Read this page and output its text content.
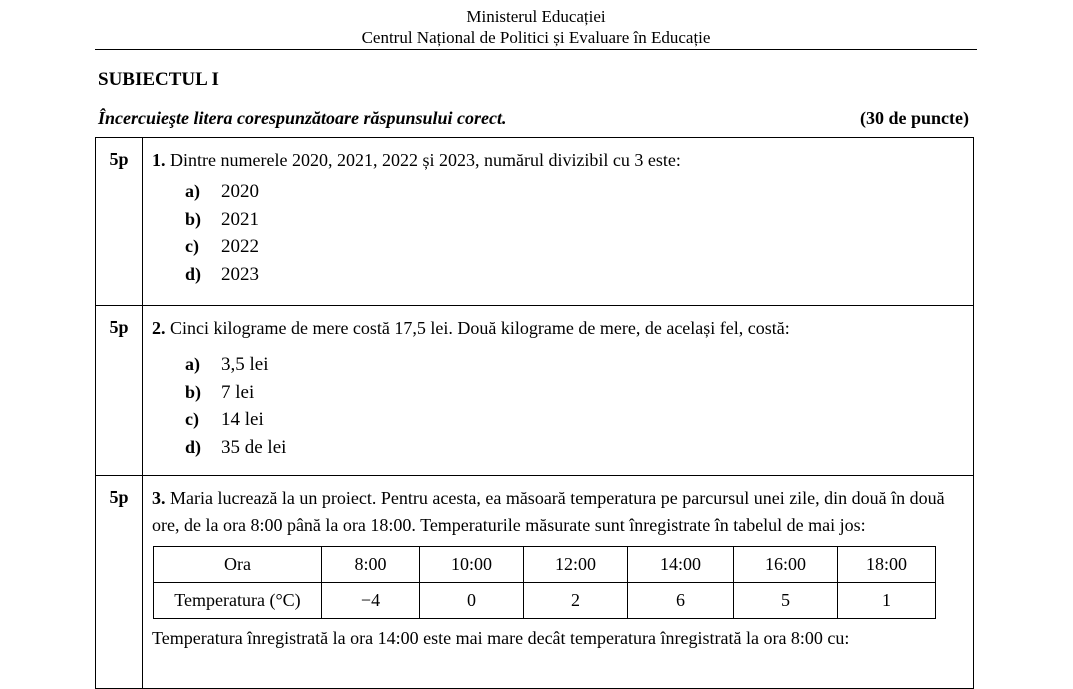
Ministerul Educației
Centrul Național de Politici și Evaluare în Educație
SUBIECTUL I
Încercuieşte litera corespunzătoare răspunsului corect.	(30 de puncte)
5p	1. Dintre numerele 2020, 2021, 2022 și 2023, numărul divizibil cu 3 este:
a) 2020
b) 2021
c) 2022
d) 2023

5p	2. Cinci kilograme de mere costă 17,5 lei. Două kilograme de mere, de același fel, costă:
a) 3,5 lei
b) 7 lei
c) 14 lei
d) 35 de lei

5p	3. Maria lucrează la un proiect. Pentru acesta, ea măsoară temperatura pe parcursul unei zile, din două în două ore, de la ora 8:00 până la ora 18:00. Temperaturile măsurate sunt înregistrate în tabelul de mai jos:
Ora	8:00	10:00	12:00	14:00	16:00	18:00
Temperatura (°C)	−4	0	2	6	5	1
Temperatura înregistrată la ora 14:00 este mai mare decât temperatura înregistrată la ora 8:00 cu:
